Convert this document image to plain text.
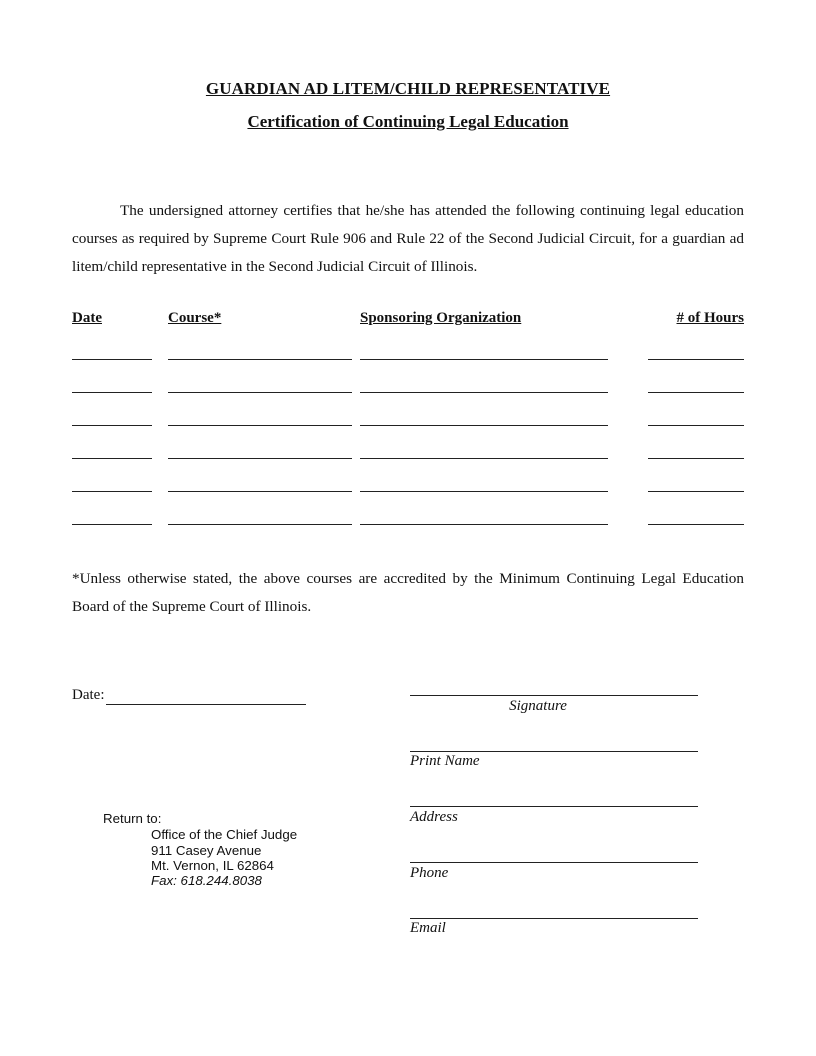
GUARDIAN AD LITEM/CHILD REPRESENTATIVE
Certification of Continuing Legal Education
The undersigned attorney certifies that he/she has attended the following continuing legal education courses as required by Supreme Court Rule 906 and Rule 22 of the Second Judicial Circuit, for a guardian ad litem/child representative in the Second Judicial Circuit of Illinois.
Date	Course*	Sponsoring Organization	# of Hours
*Unless otherwise stated, the above courses are accredited by the Minimum Continuing Legal Education Board of the Supreme Court of Illinois.
Date:
Signature
Print Name
Address
Phone
Email
Return to:
Office of the Chief Judge
911 Casey Avenue
Mt. Vernon, IL 62864
Fax: 618.244.8038
